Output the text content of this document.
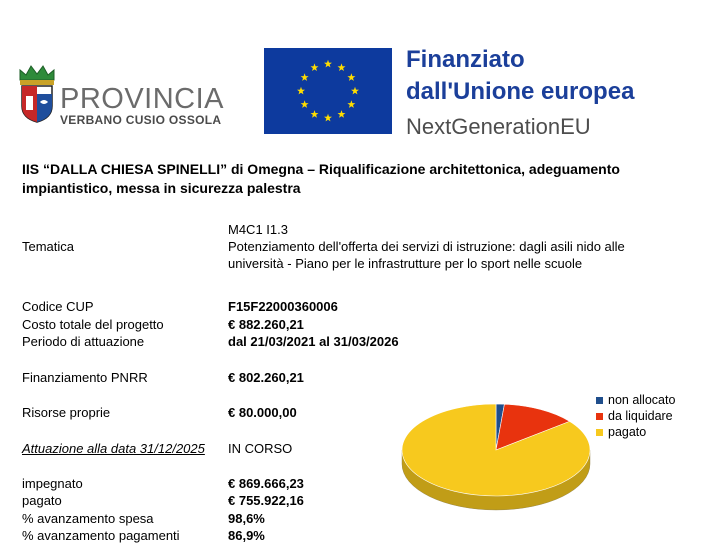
PROVINCIA
VERBANO CUSIO OSSOLA
Finanziato
dall'Unione europea
NextGenerationEU
IIS “DALLA CHIESA SPINELLI” di Omegna – Riqualificazione architettonica, adeguamento impiantistico, messa in sicurezza palestra
M4C1 I1.3
Tematica	Potenziamento dell'offerta dei servizi di istruzione: dagli asili nido alle
università - Piano per le infrastrutture per lo sport nelle scuole
Codice CUP	F15F22000360006
Costo totale del progetto	€ 882.260,21
Periodo di attuazione	dal 21/03/2021 al 31/03/2026
Finanziamento PNRR	€ 802.260,21
Risorse proprie	€ 80.000,00
Attuazione alla data 31/12/2025 IN CORSO
impegnato	€ 869.666,23
pagato	€ 755.922,16
% avanzamento spesa	98,6%
% avanzamento pagamenti	86,9%
non allocato
da liquidare
pagato
